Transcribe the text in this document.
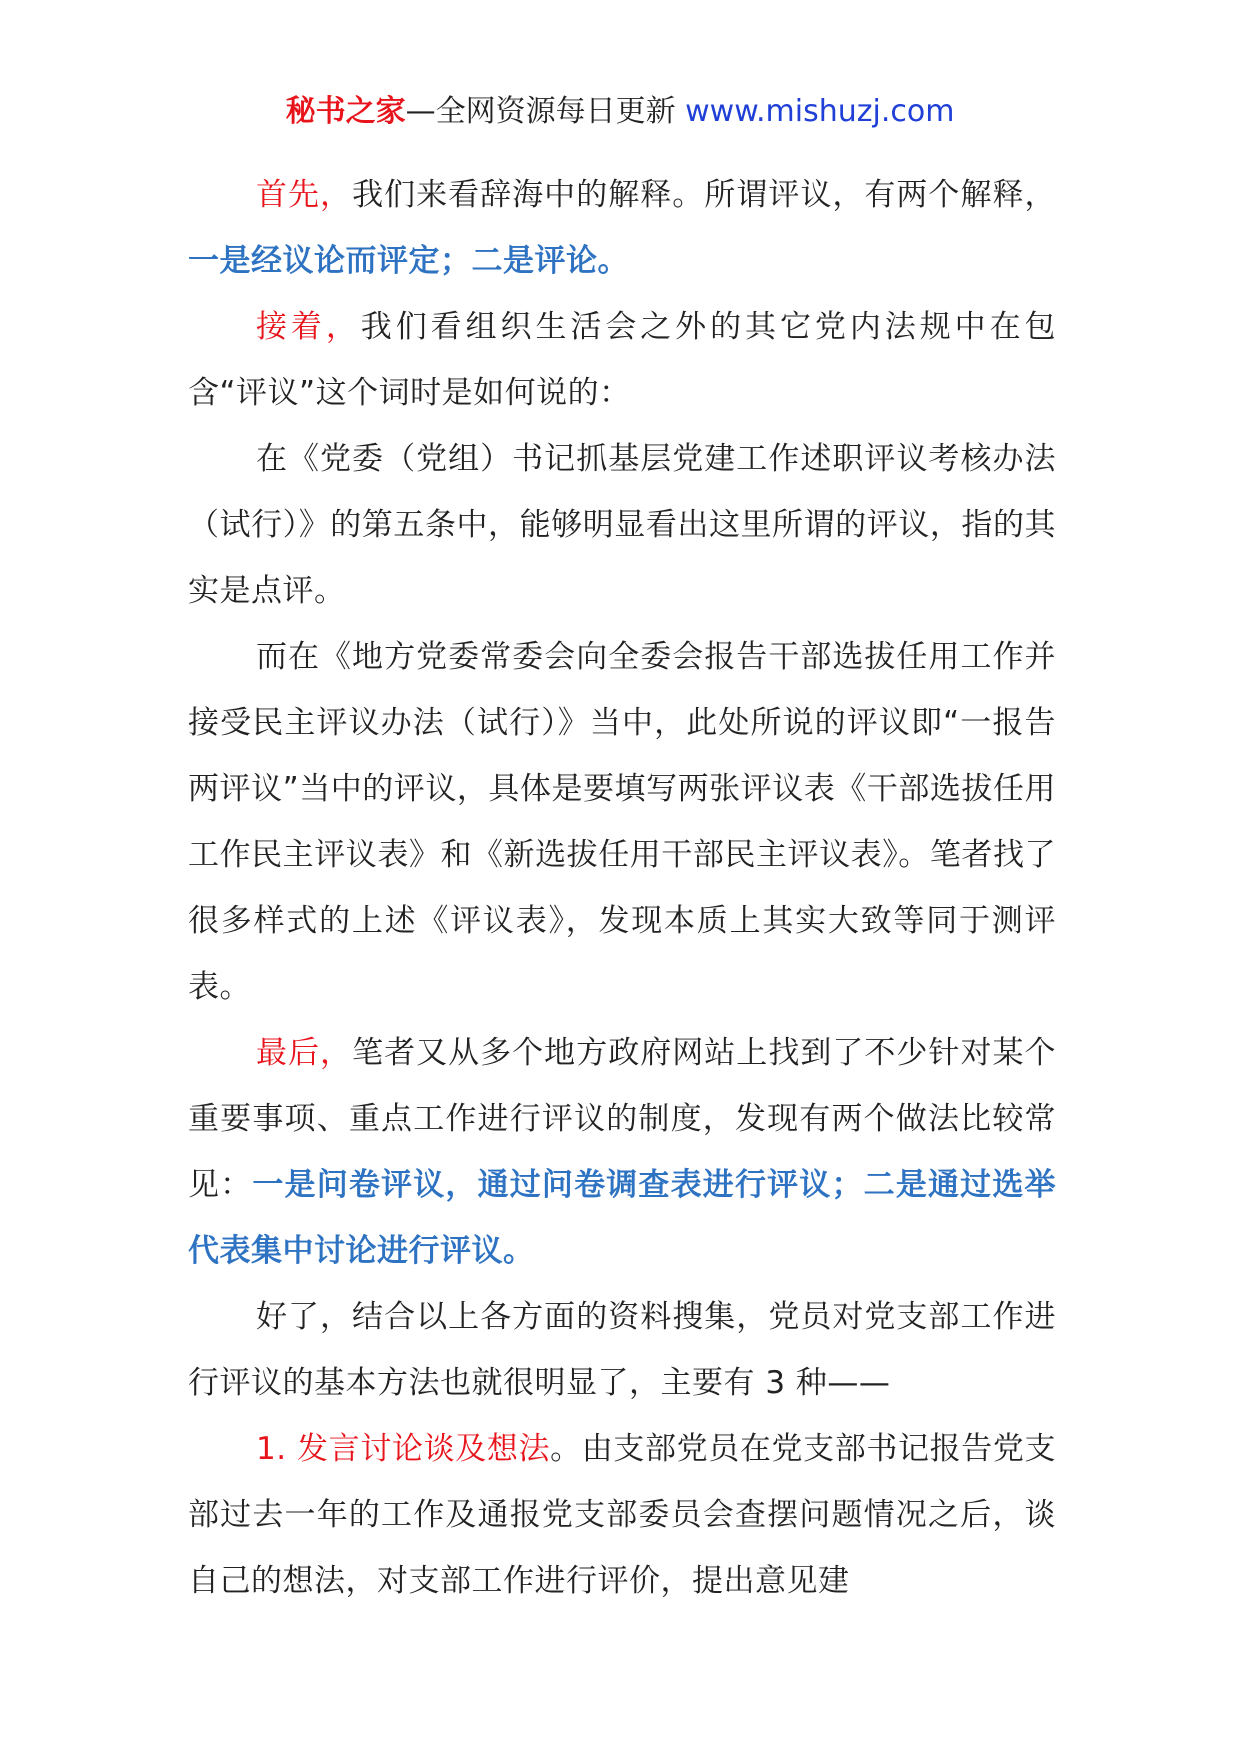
秘书之家—全网资源每日更新 www.mishuzj.com

首先，我们来看辞海中的解释。所谓评议，有两个解释，一是经议论而评定；二是评论。

接着，我们看组织生活会之外的其它党内法规中在包含“评议”这个词时是如何说的：

在《党委（党组）书记抓基层党建工作述职评议考核办法（试行）》的第五条中，能够明显看出这里所谓的评议，指的其实是点评。

而在《地方党委常委会向全委会报告干部选拔任用工作并接受民主评议办法（试行）》当中，此处所说的评议即“一报告两评议”当中的评议，具体是要填写两张评议表《干部选拔任用工作民主评议表》和《新选拔任用干部民主评议表》。笔者找了很多样式的上述《评议表》，发现本质上其实大致等同于测评表。

最后，笔者又从多个地方政府网站上找到了不少针对某个重要事项、重点工作进行评议的制度，发现有两个做法比较常见：一是问卷评议，通过问卷调查表进行评议；二是通过选举代表集中讨论进行评议。

好了，结合以上各方面的资料搜集，党员对党支部工作进行评议的基本方法也就很明显了，主要有 3 种——

1. 发言讨论谈及想法。由支部党员在党支部书记报告党支部过去一年的工作及通报党支部委员会查摆问题情况之后，谈自己的想法，对支部工作进行评价，提出意见建
